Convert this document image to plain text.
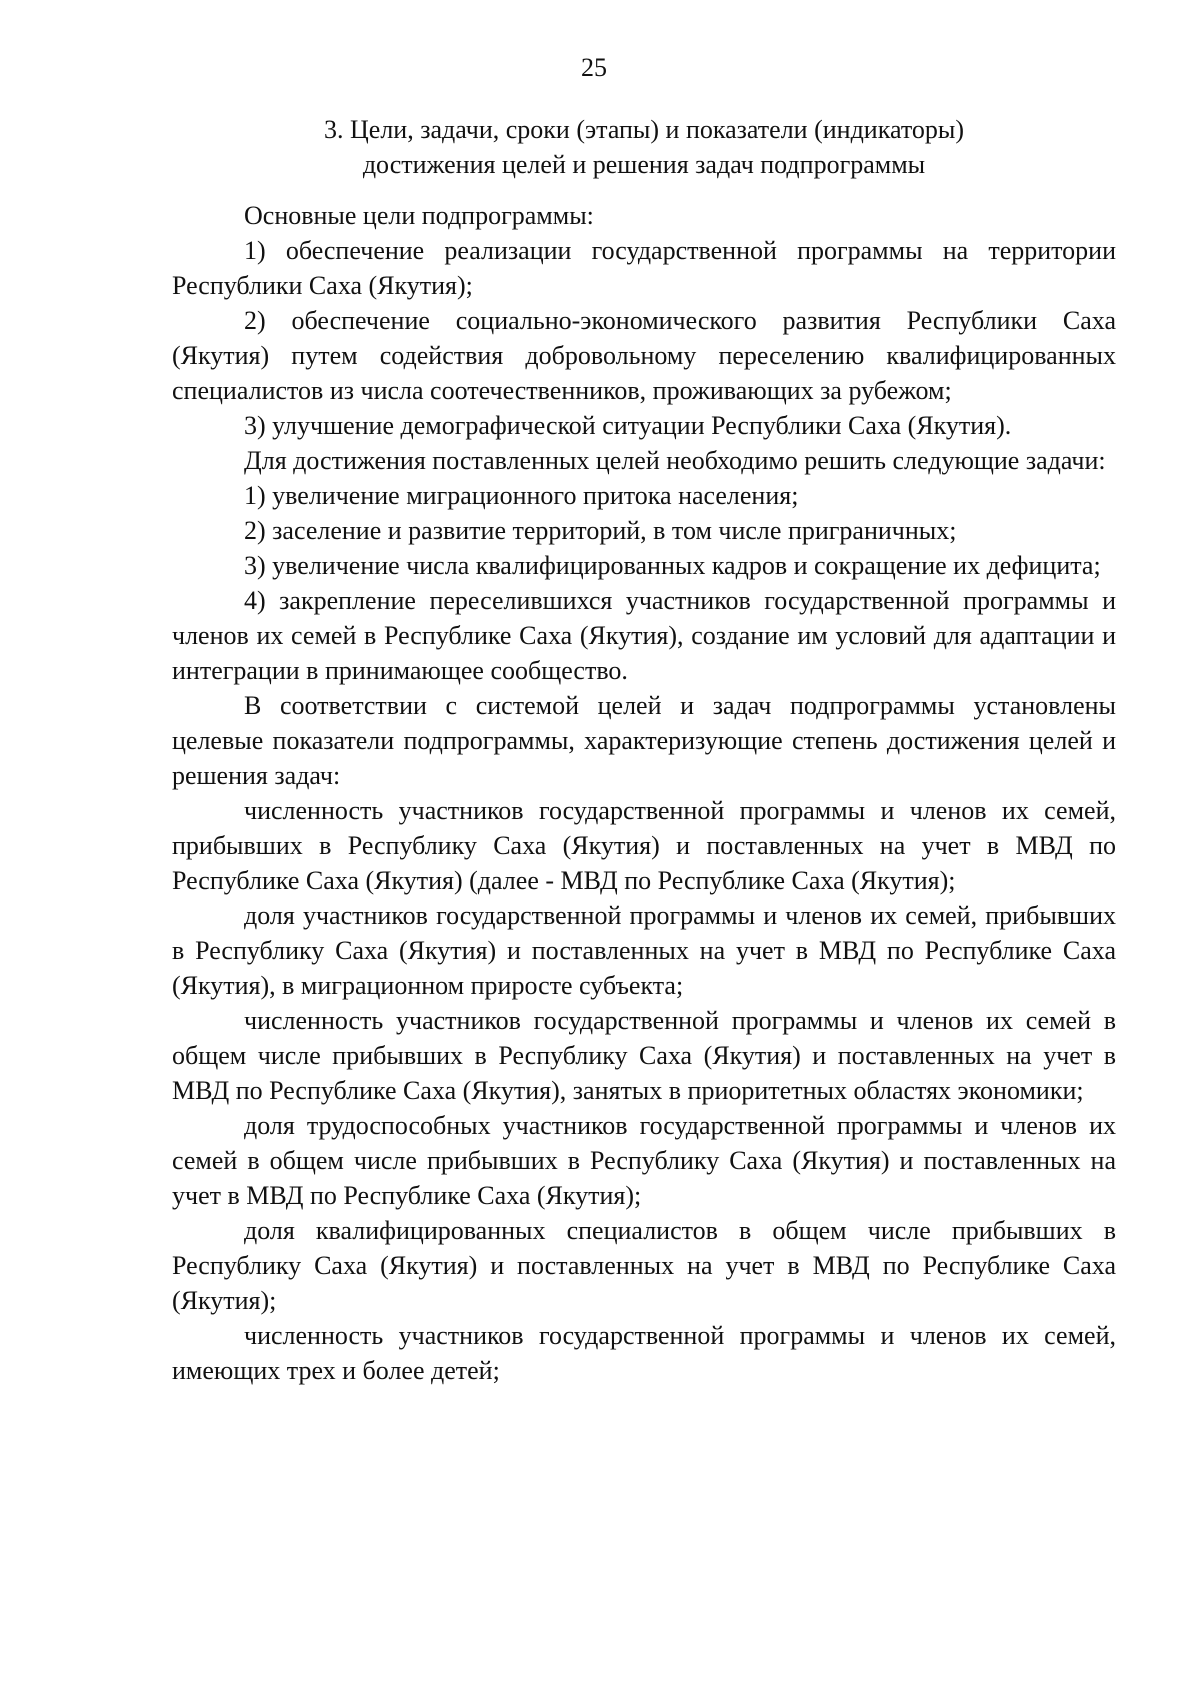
25
3. Цели, задачи, сроки (этапы) и показатели (индикаторы)
достижения целей и решения задач подпрограммы

Основные цели подпрограммы:

1) обеспечение реализации государственной программы на территории Республики Саха (Якутия);

2) обеспечение социально-экономического развития Республики Саха (Якутия) путем содействия добровольному переселению квалифицированных специалистов из числа соотечественников, проживающих за рубежом;

3) улучшение демографической ситуации Республики Саха (Якутия).

Для достижения поставленных целей необходимо решить следующие задачи:

1) увеличение миграционного притока населения;

2) заселение и развитие территорий, в том числе приграничных;

3) увеличение числа квалифицированных кадров и сокращение их дефицита;

4) закрепление переселившихся участников государственной программы и членов их семей в Республике Саха (Якутия), создание им условий для адаптации и интеграции в принимающее сообщество.

В соответствии с системой целей и задач подпрограммы установлены целевые показатели подпрограммы, характеризующие степень достижения целей и решения задач:

численность участников государственной программы и членов их семей, прибывших в Республику Саха (Якутия) и поставленных на учет в МВД по Республике Саха (Якутия) (далее - МВД по Республике Саха (Якутия);

доля участников государственной программы и членов их семей, прибывших в Республику Саха (Якутия) и поставленных на учет в МВД по Республике Саха (Якутия), в миграционном приросте субъекта;

численность участников государственной программы и членов их семей в общем числе прибывших в Республику Саха (Якутия) и поставленных на учет в МВД по Республике Саха (Якутия), занятых в приоритетных областях экономики;

доля трудоспособных участников государственной программы и членов их семей в общем числе прибывших в Республику Саха (Якутия) и поставленных на учет в МВД по Республике Саха (Якутия);

доля квалифицированных специалистов в общем числе прибывших в Республику Саха (Якутия) и поставленных на учет в МВД по Республике Саха (Якутия);

численность участников государственной программы и членов их семей, имеющих трех и более детей;
